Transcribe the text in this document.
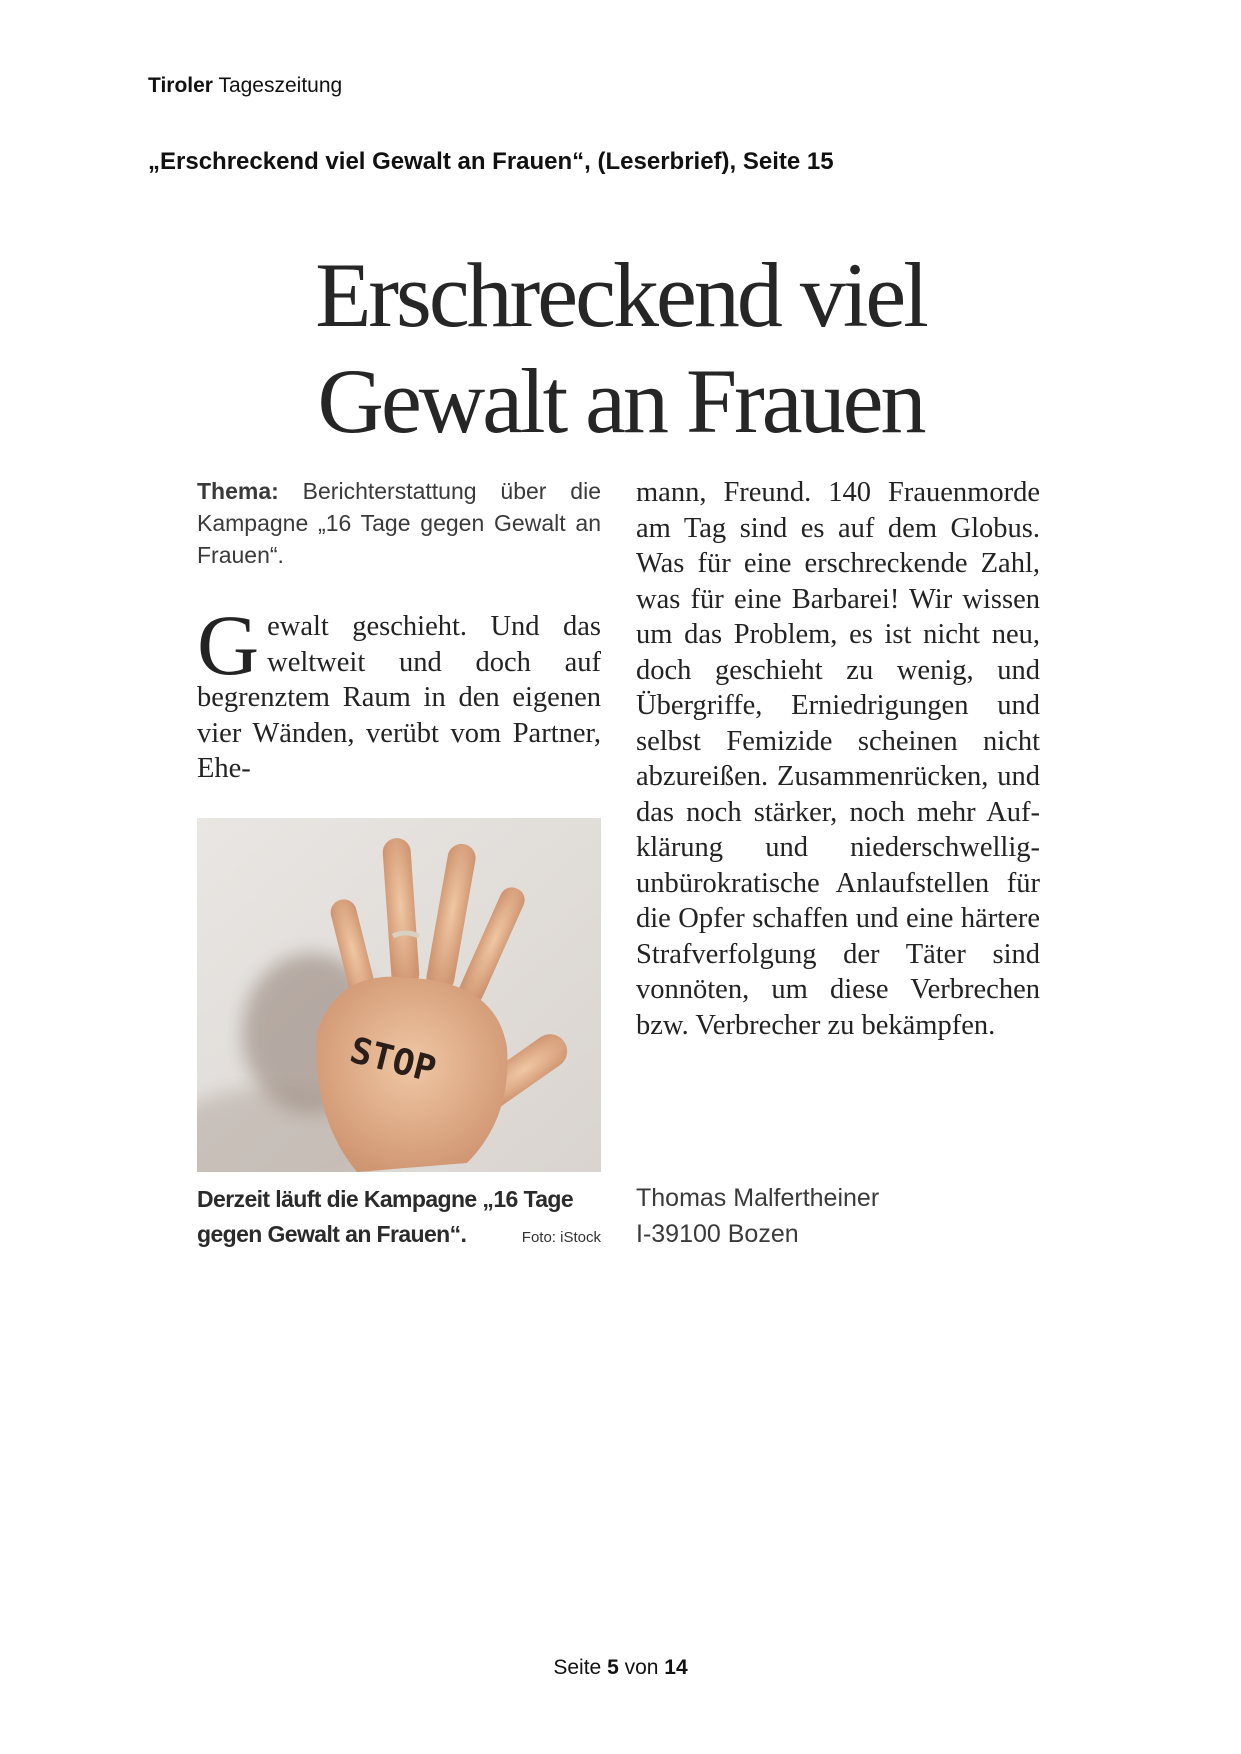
Tiroler Tageszeitung
„Erschreckend viel Gewalt an Frauen“, (Leserbrief), Seite 15
Erschreckend viel
Gewalt an Frauen
Thema: Berichterstattung über die Kampagne „16 Tage gegen Gewalt an Frauen“.
G ewalt geschieht. Und das weltweit und doch auf begrenztem Raum in den eigenen vier Wänden, verübt vom Partner, Ehe-

STOP
Derzeit läuft die Kampagne „16 Tage gegen Gewalt an Frauen“.	Foto: iStock

mann, Freund. 140 Frauenmorde am Tag sind es auf dem Globus. Was für eine erschreckende Zahl, was für eine Barbarei! Wir wissen um das Problem, es ist nicht neu, doch geschieht zu wenig, und Übergriffe, Erniedrigungen und selbst Femizide scheinen nicht abzureißen. Zusammenrücken, und das noch stärker, noch mehr Aufklärung und niederschwellig-unbürokratische Anlaufstellen für die Opfer schaffen und eine härtere Strafverfolgung der Täter sind vonnöten, um diese Verbrechen bzw. Verbrecher zu bekämpfen.

Thomas Malfertheiner
I-39100 Bozen
Seite 5 von 14
